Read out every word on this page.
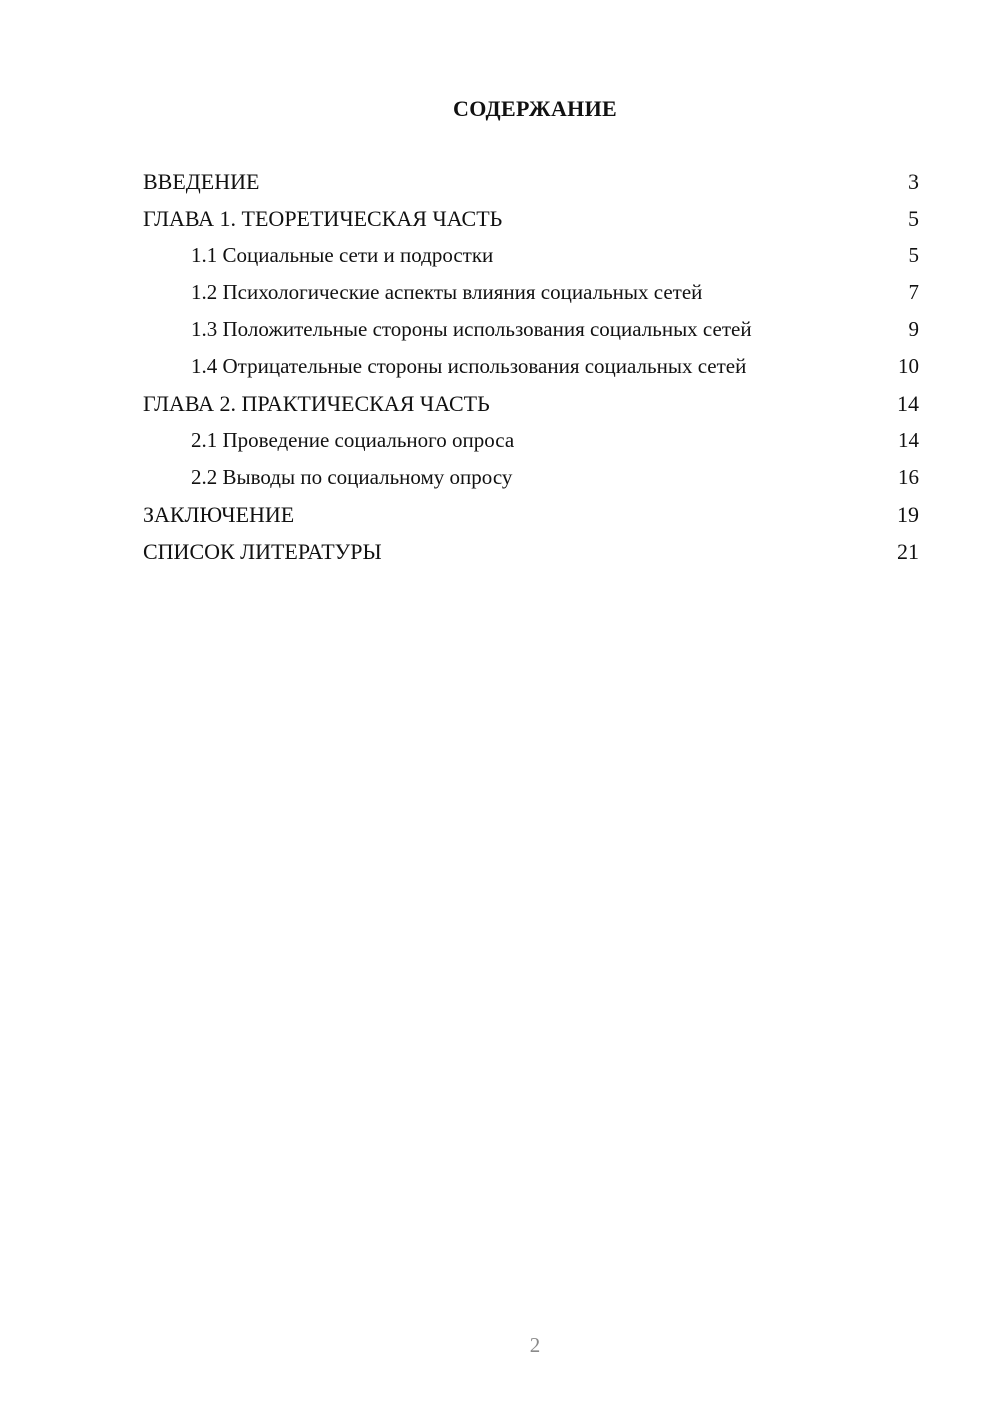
СОДЕРЖАНИЕ
ВВЕДЕНИЕ	3
ГЛАВА 1. ТЕОРЕТИЧЕСКАЯ ЧАСТЬ	5
1.1 Социальные сети и подростки	5
1.2 Психологические аспекты влияния социальных сетей	7
1.3 Положительные стороны использования социальных сетей	9
1.4 Отрицательные стороны использования социальных сетей	10
ГЛАВА 2. ПРАКТИЧЕСКАЯ ЧАСТЬ	14
2.1 Проведение социального опроса	14
2.2 Выводы по социальному опросу	16
ЗАКЛЮЧЕНИЕ	19
СПИСОК ЛИТЕРАТУРЫ	21
2
